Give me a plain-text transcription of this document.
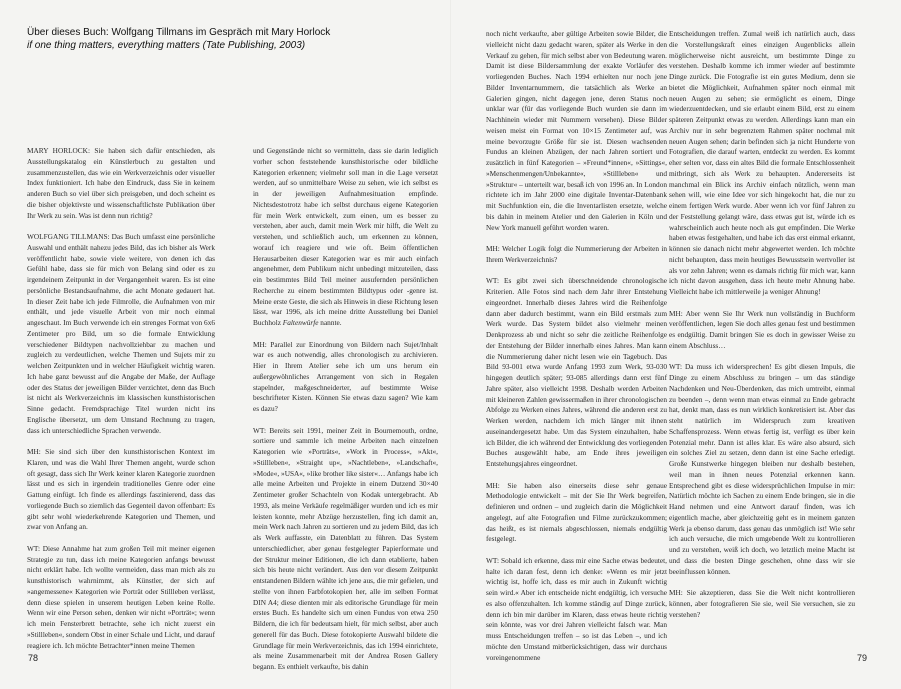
Über dieses Buch: Wolfgang Tillmans im Gespräch mit Mary Horlock
if one thing matters, everything matters (Tate Publishing, 2003)

MARY HORLOCK: Sie haben sich dafür entschieden, als Ausstellungskatalog ein Künstlerbuch zu gestalten und zusammenzustellen, das wie ein Werkverzeichnis oder visueller Index funktioniert. Ich habe den Eindruck, dass Sie in keinem anderen Buch so viel über sich preisgeben, und doch scheint es die bisher objektivste und wissenschaftlichste Publikation über Ihr Werk zu sein. Was ist denn nun richtig?

WOLFGANG TILLMANS: Das Buch umfasst eine persönliche Auswahl und enthält nahezu jedes Bild, das ich bisher als Werk veröffentlicht habe, sowie viele weitere, von denen ich das Gefühl habe, dass sie für mich von Belang sind oder es zu irgendeinem Zeitpunkt in der Vergangenheit waren. Es ist eine persönliche Bestandsaufnahme, die acht Monate gedauert hat. In dieser Zeit habe ich jede Filmrolle, die Aufnahmen von mir enthält, und jede visuelle Arbeit von mir noch einmal angeschaut. Im Buch verwende ich ein strenges Format von 6x6 Zentimeter pro Bild, um so die formale Entwicklung verschiedener Bildtypen nachvollziehbar zu machen und zugleich zu verdeutlichen, welche Themen und Sujets mir zu welchen Zeitpunkten und in welcher Häufigkeit wichtig waren. Ich habe ganz bewusst auf die Angabe der Maße, der Auflage oder des Status der jeweiligen Bilder verzichtet, denn das Buch ist nicht als Werkverzeichnis im klassischen kunsthistorischen Sinne gedacht. Fremdsprachige Titel wurden nicht ins Englische übersetzt, um dem Umstand Rechnung zu tragen, dass ich unterschiedliche Sprachen verwende.

MH: Sie sind sich über den kunsthistorischen Kontext im Klaren, und was die Wahl Ihrer Themen angeht, wurde schon oft gesagt, dass sich Ihr Werk keiner klaren Kategorie zuordnen lässt und es sich in irgendein traditionelles Genre oder eine Gattung einfügt. Ich finde es allerdings faszinierend, dass das vorliegende Buch so ziemlich das Gegenteil davon offenbart: Es gibt sehr wohl wiederkehrende Kategorien und Themen, und zwar von Anfang an.

WT: Diese Annahme hat zum großen Teil mit meiner eigenen Strategie zu tun, dass ich meine Kategorien anfangs bewusst nicht erklärt habe. Ich wollte vermeiden, dass man mich als zu kunsthistorisch wahrnimmt, als Künstler, der sich auf »angemessene« Kategorien wie Porträt oder Stillleben verlässt, denn diese spielen in unserem heutigen Leben keine Rolle. Wenn wir eine Person sehen, denken wir nicht »Porträt«; wenn ich mein Fensterbrett betrachte, sehe ich nicht zuerst ein »Stillleben«, sondern Obst in einer Schale und Licht, und darauf reagiere ich. Ich möchte Betrachter*innen meine Themen

und Gegenstände nicht so vermitteln, dass sie darin lediglich vorher schon feststehende kunsthistorische oder bildliche Kategorien erkennen; vielmehr soll man in die Lage versetzt werden, auf so unmittelbare Weise zu sehen, wie ich selbst es in der jeweiligen Aufnahmesituation empfinde. Nichtsdestotrotz habe ich selbst durchaus eigene Kategorien für mein Werk entwickelt, zum einen, um es besser zu verstehen, aber auch, damit mein Werk mir hilft, die Welt zu verstehen, und schließlich auch, um erkennen zu können, worauf ich reagiere und wie oft. Beim öffentlichen Herausarbeiten dieser Kategorien war es mir auch einfach angenehmer, dem Publikum nicht unbedingt mitzuteilen, dass ein bestimmtes Bild Teil meiner ausufernden persönlichen Recherche zu einem bestimmten Bildtypus oder -genre ist. Meine erste Geste, die sich als Hinweis in diese Richtung lesen lässt, war 1996, als ich meine dritte Ausstellung bei Daniel Buchholz Faltenwürfe nannte.

MH: Parallel zur Einordnung von Bildern nach Sujet/Inhalt war es auch notwendig, alles chronologisch zu archivieren. Hier in Ihrem Atelier sehe ich um uns herum ein außergewöhnliches Arrangement von sich in Regalen stapelnder, maßgeschneiderter, auf bestimmte Weise beschrifteter Kisten. Können Sie etwas dazu sagen? Wie kam es dazu?

WT: Bereits seit 1991, meiner Zeit in Bournemouth, ordne, sortiere und sammle ich meine Arbeiten nach einzelnen Kategorien wie »Porträts«, »Work in Process«, »Akt«, »Stillleben«, »Straight up«, »Nachtleben«, »Landschaft«, »Mode«, »USA«, »like brother like sister«… Anfangs habe ich alle meine Arbeiten und Projekte in einem Dutzend 30×40 Zentimeter großer Schachteln von Kodak untergebracht. Ab 1993, als meine Verkäufe regelmäßiger wurden und ich es mir leisten konnte, mehr Abzüge herzustellen, fing ich damit an, mein Werk nach Jahren zu sortieren und zu jedem Bild, das ich als Werk auffasste, ein Datenblatt zu führen. Das System unterschiedlicher, aber genau festgelegter Papierformate und der Struktur meiner Editionen, die ich dann etablierte, haben sich bis heute nicht verändert. Aus den vor diesem Zeitpunkt entstandenen Bildern wählte ich jene aus, die mir gefielen, und stellte von ihnen Farbfotokopien her, alle im selben Format DIN A4; diese dienten mir als editorische Grundlage für mein erstes Buch. Es handelte sich um einen Fundus von etwa 250 Bildern, die ich für bedeutsam hielt, für mich selbst, aber auch generell für das Buch. Diese fotokopierte Auswahl bildete die Grundlage für mein Werkverzeichnis, das ich 1994 einrichtete, als meine Zusammenarbeit mit der Andrea Rosen Gallery begann. Es enthielt verkaufte, bis dahin

noch nicht verkaufte, aber gültige Arbeiten sowie Bilder, die vielleicht nicht dazu gedacht waren, später als Werke in den Verkauf zu gehen, für mich selbst aber von Bedeutung waren. Damit ist diese Bildersammlung der exakte Vorläufer des vorliegenden Buches. Nach 1994 erhielten nur noch jene Bilder Inventarnummern, die tatsächlich als Werke an Galerien gingen, nicht dagegen jene, deren Status noch unklar war (für das vorliegende Buch wurden sie dann im Nachhinein wieder mit Nummern versehen). Diese Bilder weisen meist ein Format von 10×15 Zentimeter auf, was meine bevorzugte Größe für sie ist. Diesen wachsenden Fundus an kleinen Abzügen, der nach Jahren sortiert und zusätzlich in fünf Kategorien – »Freund*innen«, »Sittings«, »Menschenmengen/Unbekannte«, »Stillleben« und »Struktur« – unterteilt war, besaß ich von 1996 an. In London richtete ich im Jahr 2000 eine digitale Inventar-Datenbank mit Suchfunktion ein, die die Inventarlisten ersetzte, welche bis dahin in meinem Atelier und den Galerien in Köln und New York manuell geführt worden waren.

MH: Welcher Logik folgt die Nummerierung der Arbeiten in Ihrem Werkverzeichnis?

WT: Es gibt zwei sich überschneidende chronologische Kriterien. Alle Fotos sind nach dem Jahr ihrer Entstehung eingeordnet. Innerhalb dieses Jahres wird die Reihenfolge dann aber dadurch bestimmt, wann ein Bild erstmals zum Werk wurde. Das System bildet also vielmehr meinen Denkprozess ab und nicht so sehr die zeitliche Reihenfolge der Entstehung der Bilder innerhalb eines Jahres. Man kann die Nummerierung daher nicht lesen wie ein Tagebuch. Das Bild 93-001 etwa wurde Anfang 1993 zum Werk, 93-030 hingegen deutlich später; 93-085 allerdings dann erst fünf Jahre später, also vielleicht 1998. Deshalb werden Arbeiten mit kleineren Zahlen gewissermaßen in ihrer chronologischen Abfolge zu Werken eines Jahres, während die anderen erst zu Werken werden, nachdem ich mich länger mit ihnen auseinandergesetzt habe. Um das System einzuhalten, habe ich Bilder, die ich während der Entwicklung des vorliegenden Buches ausgewählt habe, am Ende ihres jeweiligen Entstehungsjahres eingeordnet.

MH: Sie haben also einerseits diese sehr genaue Methodologie entwickelt – mit der Sie Ihr Werk begreifen, definieren und ordnen – und zugleich darin die Möglichkeit angelegt, auf alte Fotografien und Filme zurückzukommen; das heißt, es ist niemals abgeschlossen, niemals endgültig festgelegt.

WT: Sobald ich erkenne, dass mir eine Sache etwas bedeutet, halte ich daran fest, denn ich denke: »Wenn es mir jetzt wichtig ist, hoffe ich, dass es mir auch in Zukunft wichtig sein wird.« Aber ich entscheide nicht endgültig, ich versuche es also offenzuhalten. Ich komme ständig auf Dinge zurück, denn ich bin mir darüber im Klaren, dass etwas heute richtig sein könnte, was vor drei Jahren vielleicht falsch war. Man muss Entscheidungen treffen – so ist das Leben –, und ich möchte den Umstand mitberücksichtigen, dass wir durchaus voreingenommene

Entscheidungen treffen. Zumal weiß ich natürlich auch, dass die Vorstellungskraft eines einzigen Augenblicks allein möglicherweise nicht ausreicht, um bestimmte Dinge zu verstehen. Deshalb komme ich immer wieder auf bestimmte Dinge zurück. Die Fotografie ist ein gutes Medium, denn sie bietet die Möglichkeit, Aufnahmen später noch einmal mit neuen Augen zu sehen; sie ermöglicht es einem, Dinge wiederzuentdecken, und sie erlaubt einem Bild, erst zu einem späteren Zeitpunkt etwas zu werden. Allerdings kann man ein Archiv nur in sehr begrenztem Rahmen später nochmal mit neuen Augen sehen; darin befinden sich ja nicht Hunderte von Fotografien, die darauf warten, entdeckt zu werden. Es kommt eher selten vor, dass ein altes Bild die formale Entschlossenheit mitbringt, sich als Werk zu behaupten. Andererseits ist manchmal ein Blick ins Archiv einfach nützlich, wenn man sehen will, wie eine Idee vor sich hingekocht hat, die nur zu einem fertigen Werk wurde. Aber wenn ich vor fünf Jahren zu der Feststellung gelangt wäre, dass etwas gut ist, würde ich es wahrscheinlich auch heute noch als gut empfinden. Die Werke haben etwas festgehalten, und habe ich das erst einmal erkannt, können sie danach nicht mehr abgewertet werden. Ich möchte nicht behaupten, dass mein heutiges Bewusstsein wertvoller ist als vor zehn Jahren; wenn es damals richtig für mich war, kann ich nicht davon ausgehen, dass ich heute mehr Ahnung habe. Vielleicht habe ich mittlerweile ja weniger Ahnung!

MH: Aber wenn Sie Ihr Werk nun vollständig in Buchform veröffentlichen, legen Sie doch alles genau fest und bestimmen es endgültig. Damit bringen Sie es doch in gewisser Weise zu einem Abschluss…

WT: Da muss ich widersprechen! Es gibt diesen Impuls, die Dinge zu einem Abschluss zu bringen – um das ständige Nachdenken und Neu-Überdenken, das mich umtreibt, einmal zu beenden –, denn wenn man etwas einmal zu Ende gebracht hat, denkt man, dass es nun wirklich konkretisiert ist. Aber das steht natürlich im Widerspruch zum kreativen Schaffensprozess. Wenn etwas fertig ist, verfügt es über kein Potenzial mehr. Dann ist alles klar. Es wäre also absurd, sich ein solches Ziel zu setzen, denn dann ist eine Sache erledigt. Große Kunstwerke hingegen bleiben nur deshalb bestehen, weil man in ihnen neues Potenzial erkennen kann. Entsprechend gibt es diese widersprüchlichen Impulse in mir: Natürlich möchte ich Sachen zu einem Ende bringen, sie in die Hand nehmen und eine Antwort darauf finden, was ich eigentlich mache, aber gleichzeitig geht es in meinem ganzen Werk ja ebenso darum, dass genau das unmöglich ist! Wie sehr ich auch versuche, die mich umgebende Welt zu kontrollieren und zu verstehen, weiß ich doch, wo letztlich meine Macht ist und dass die besten Dinge geschehen, ohne dass wir sie beeinflussen können.

MH: Sie akzeptieren, dass Sie die Welt nicht kontrollieren können, aber fotografieren Sie sie, weil Sie versuchen, sie zu verstehen?

78	79
